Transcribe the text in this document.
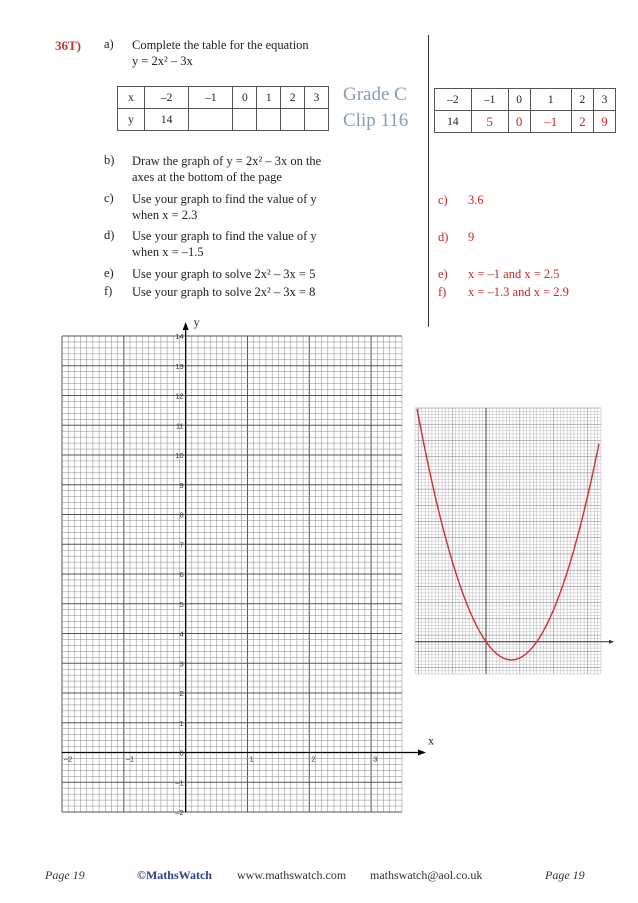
36T) a) Complete the table for the equation
y = 2x² – 3x
x	–2	–1	0	1	2	3
y	14					
b) Draw the graph of y = 2x² – 3x on the
axes at the bottom of the page
c) Use your graph to find the value of y
when x = 2.3
d) Use your graph to find the value of y
when x = –1.5
e) Use your graph to solve 2x² – 3x = 5
f) Use your graph to solve 2x² – 3x = 8
Grade C
Clip 116
–2	–1	0	1	2	3
14	5	0	–1	2	9
c) 3.6
d) 9
e) x = –1 and x = 2.5
f) x = –1.3 and x = 2.9
y
x
14
13
12
11
10
9
8
7
6
5
4
3
2
1
0
–1
–2
–2	–1	1	2	3
Page 19	©MathsWatch www.mathswatch.com mathswatch@aol.co.uk	Page 19
